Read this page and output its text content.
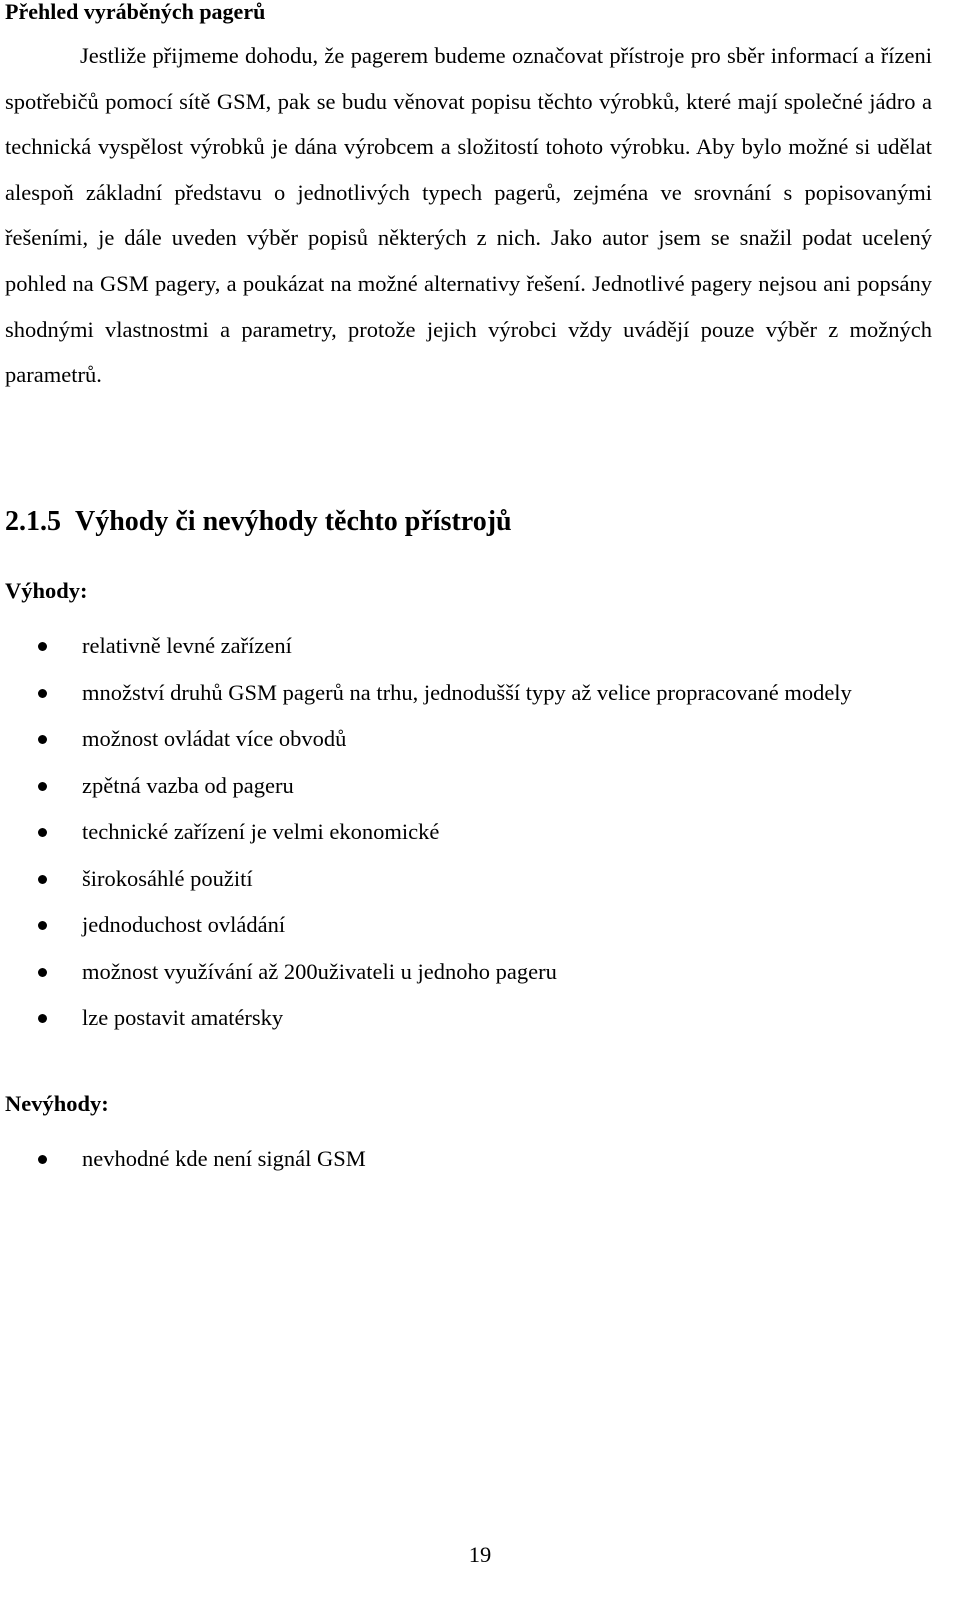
Přehled vyráběných pagerů

Jestliže přijmeme dohodu, že pagerem budeme označovat přístroje pro sběr informací a řízeni spotřebičů pomocí sítě GSM, pak se budu věnovat popisu těchto výrobků, které mají společné jádro a technická vyspělost výrobků je dána výrobcem a složitostí tohoto výrobku. Aby bylo možné si udělat alespoň základní představu o jednotlivých typech pagerů, zejména ve srovnání s popisovanými řešeními, je dále uveden výběr popisů některých z nich. Jako autor jsem se snažil podat ucelený pohled na GSM pagery, a poukázat na možné alternativy řešení. Jednotlivé pagery nejsou ani popsány shodnými vlastnostmi a parametry, protože jejich výrobci vždy uvádějí pouze výběr z možných parametrů.

2.1.5 Výhody či nevýhody těchto přístrojů

Výhody:

relativně levné zařízení
množství druhů GSM pagerů na trhu, jednodušší typy až velice propracované modely
možnost ovládat více obvodů
zpětná vazba od pageru
technické zařízení je velmi ekonomické
širokosáhlé použití
jednoduchost ovládání
možnost využívání až 200uživateli u jednoho pageru
lze postavit amatérsky

Nevýhody:

nevhodné kde není signál GSM

19
